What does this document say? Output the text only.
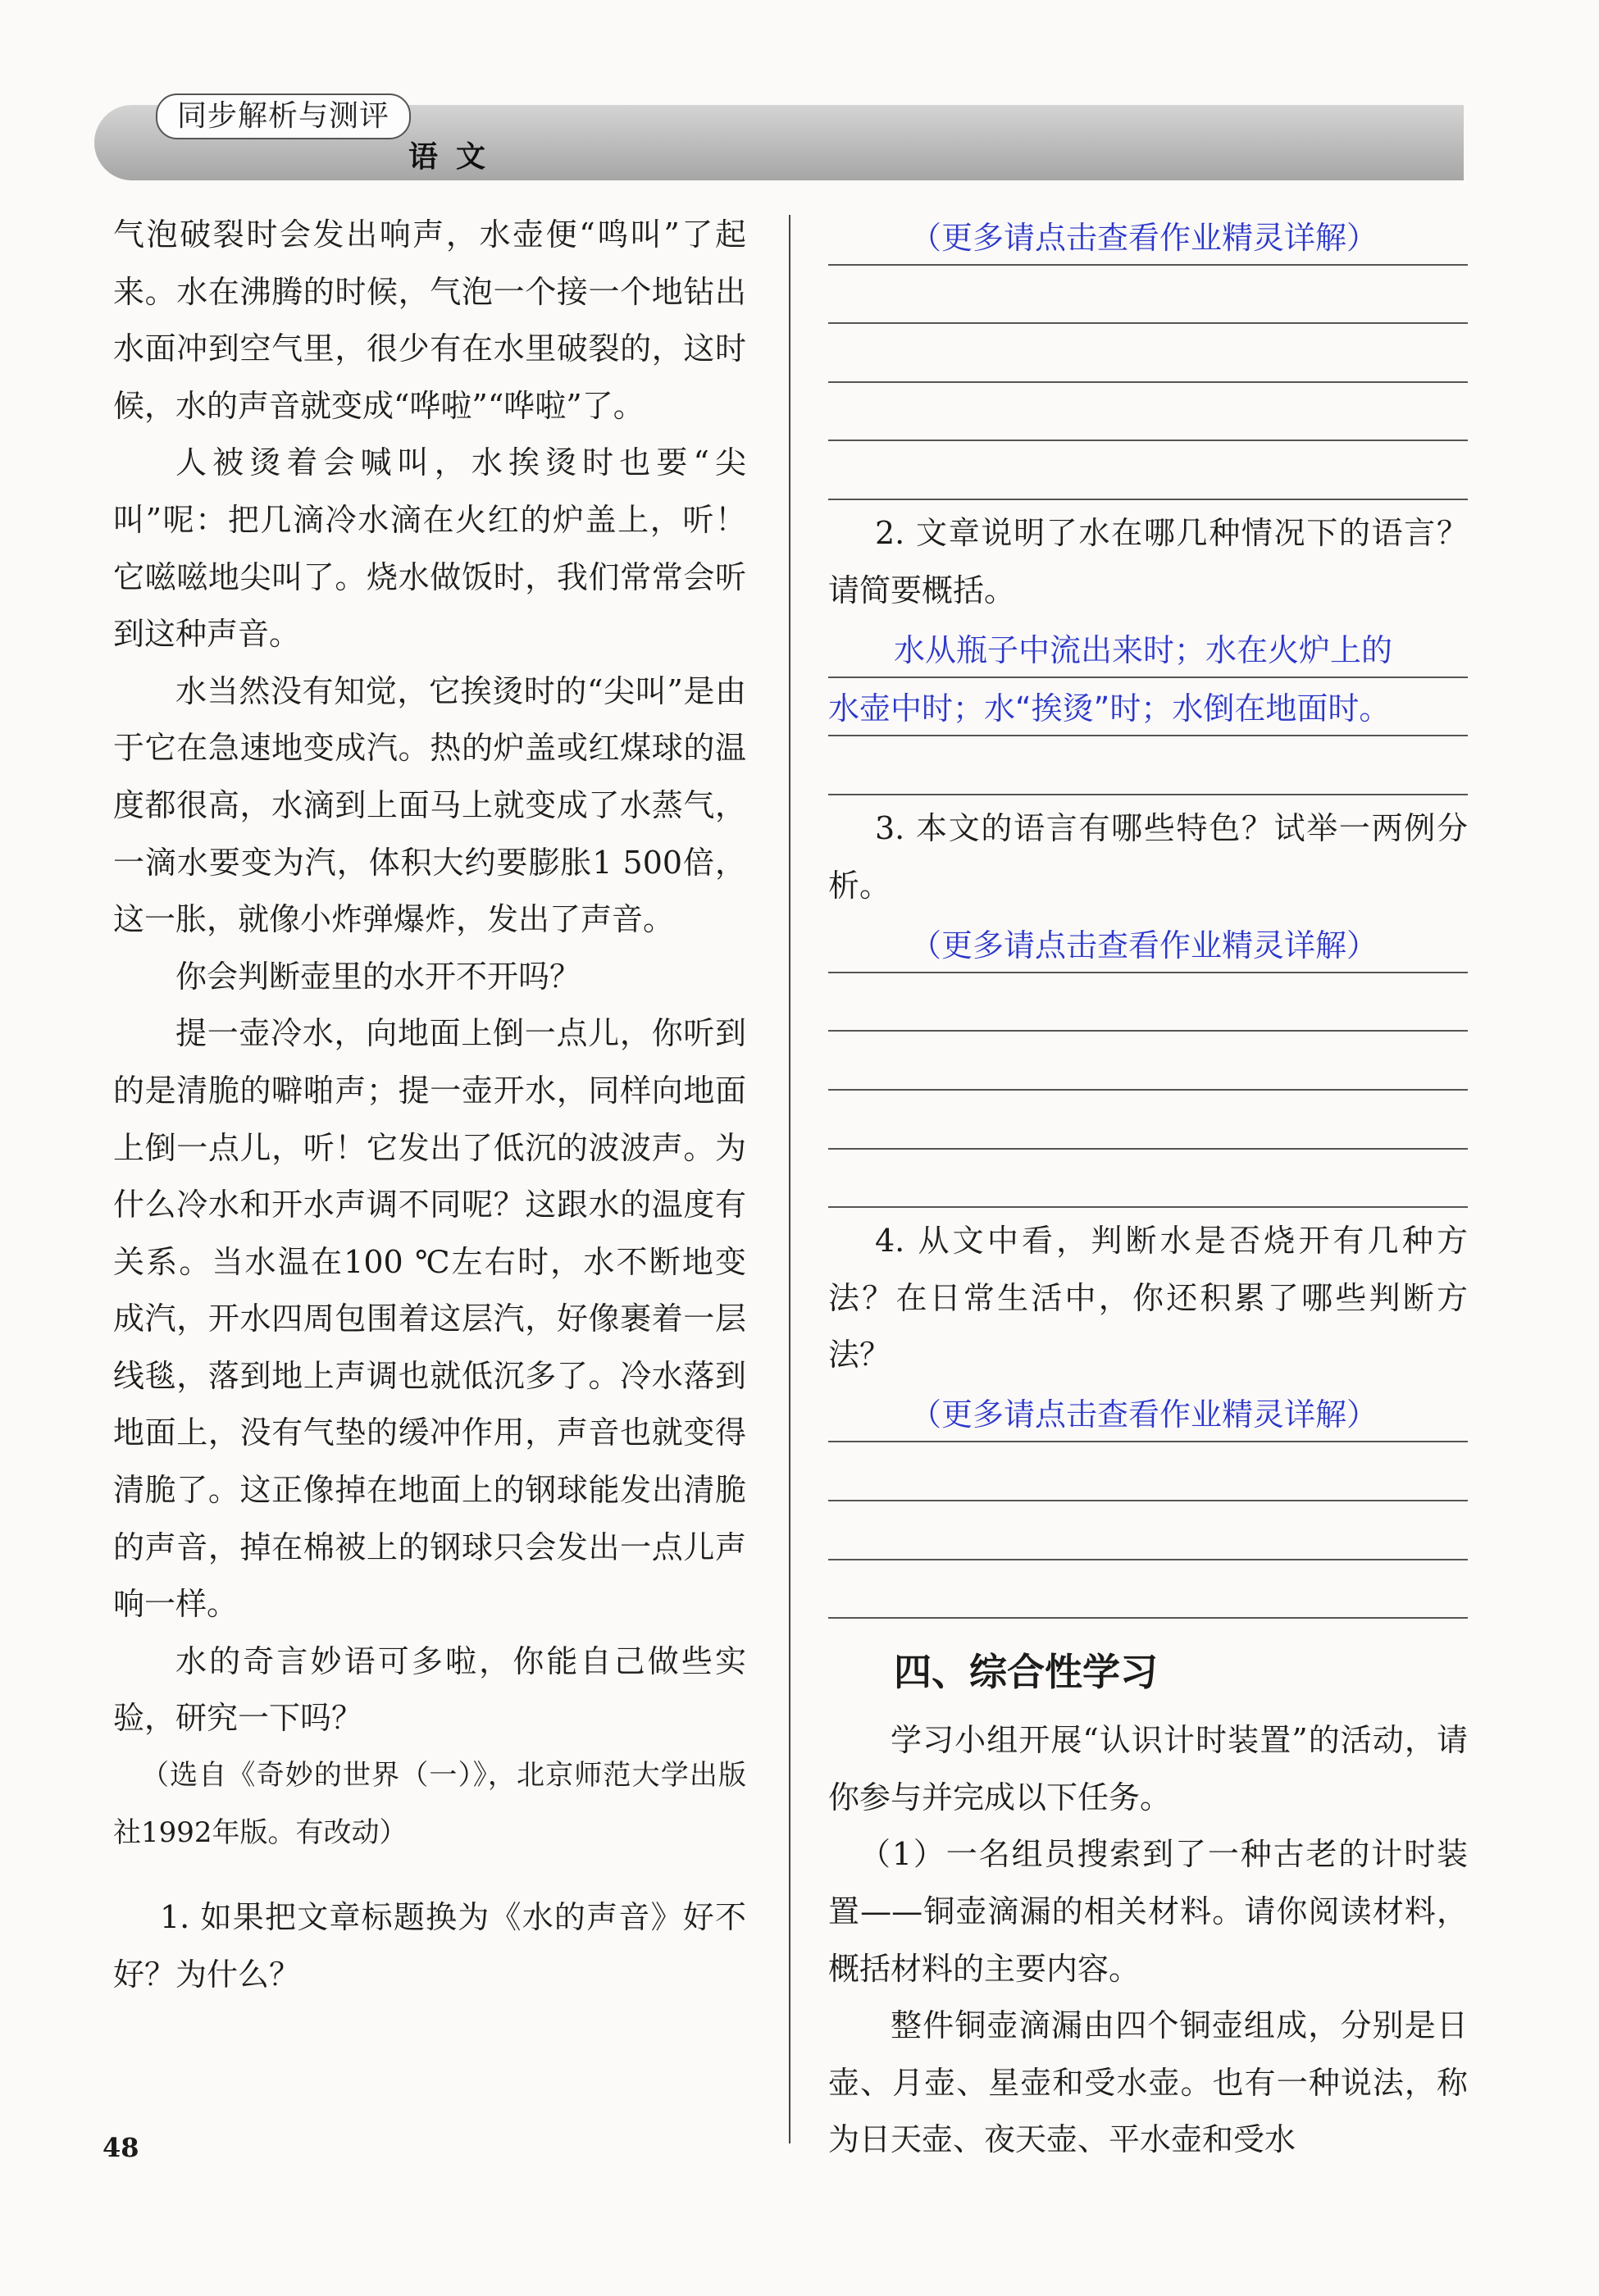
同步解析与测评
语文

气泡破裂时会发出响声，水壶便“鸣叫”了起来。水在沸腾的时候，气泡一个接一个地钻出水面冲到空气里，很少有在水里破裂的，这时候，水的声音就变成“哗啦”“哗啦”了。

人被烫着会喊叫，水挨烫时也要“尖叫”呢：把几滴冷水滴在火红的炉盖上，听！它嗞嗞地尖叫了。烧水做饭时，我们常常会听到这种声音。

水当然没有知觉，它挨烫时的“尖叫”是由于它在急速地变成汽。热的炉盖或红煤球的温度都很高，水滴到上面马上就变成了水蒸气，一滴水要变为汽，体积大约要膨胀1 500倍，这一胀，就像小炸弹爆炸，发出了声音。

你会判断壶里的水开不开吗？

提一壶冷水，向地面上倒一点儿，你听到的是清脆的噼啪声；提一壶开水，同样向地面上倒一点儿，听！它发出了低沉的波波声。为什么冷水和开水声调不同呢？这跟水的温度有关系。当水温在100 ℃左右时，水不断地变成汽，开水四周包围着这层汽，好像裹着一层线毯，落到地上声调也就低沉多了。冷水落到地面上，没有气垫的缓冲作用，声音也就变得清脆了。这正像掉在地面上的钢球能发出清脆的声音，掉在棉被上的钢球只会发出一点儿声响一样。

水的奇言妙语可多啦，你能自己做些实验，研究一下吗？

（选自《奇妙的世界（一）》，北京师范大学出版社1992年版。有改动）

1. 如果把文章标题换为《水的声音》好不好？为什么？

（更多请点击查看作业精灵详解）

2. 文章说明了水在哪几种情况下的语言？请简要概括。

水从瓶子中流出来时；水在火炉上的
水壶中时；水“挨烫”时；水倒在地面时。

3. 本文的语言有哪些特色？试举一两例分析。

（更多请点击查看作业精灵详解）

4. 从文中看，判断水是否烧开有几种方法？在日常生活中，你还积累了哪些判断方法？

（更多请点击查看作业精灵详解）
四、综合性学习

学习小组开展“认识计时装置”的活动，请你参与并完成以下任务。

（1）一名组员搜索到了一种古老的计时装置——铜壶滴漏的相关材料。请你阅读材料，概括材料的主要内容。

整件铜壶滴漏由四个铜壶组成，分别是日壶、月壶、星壶和受水壶。也有一种说法，称为日天壶、夜天壶、平水壶和受水

48
